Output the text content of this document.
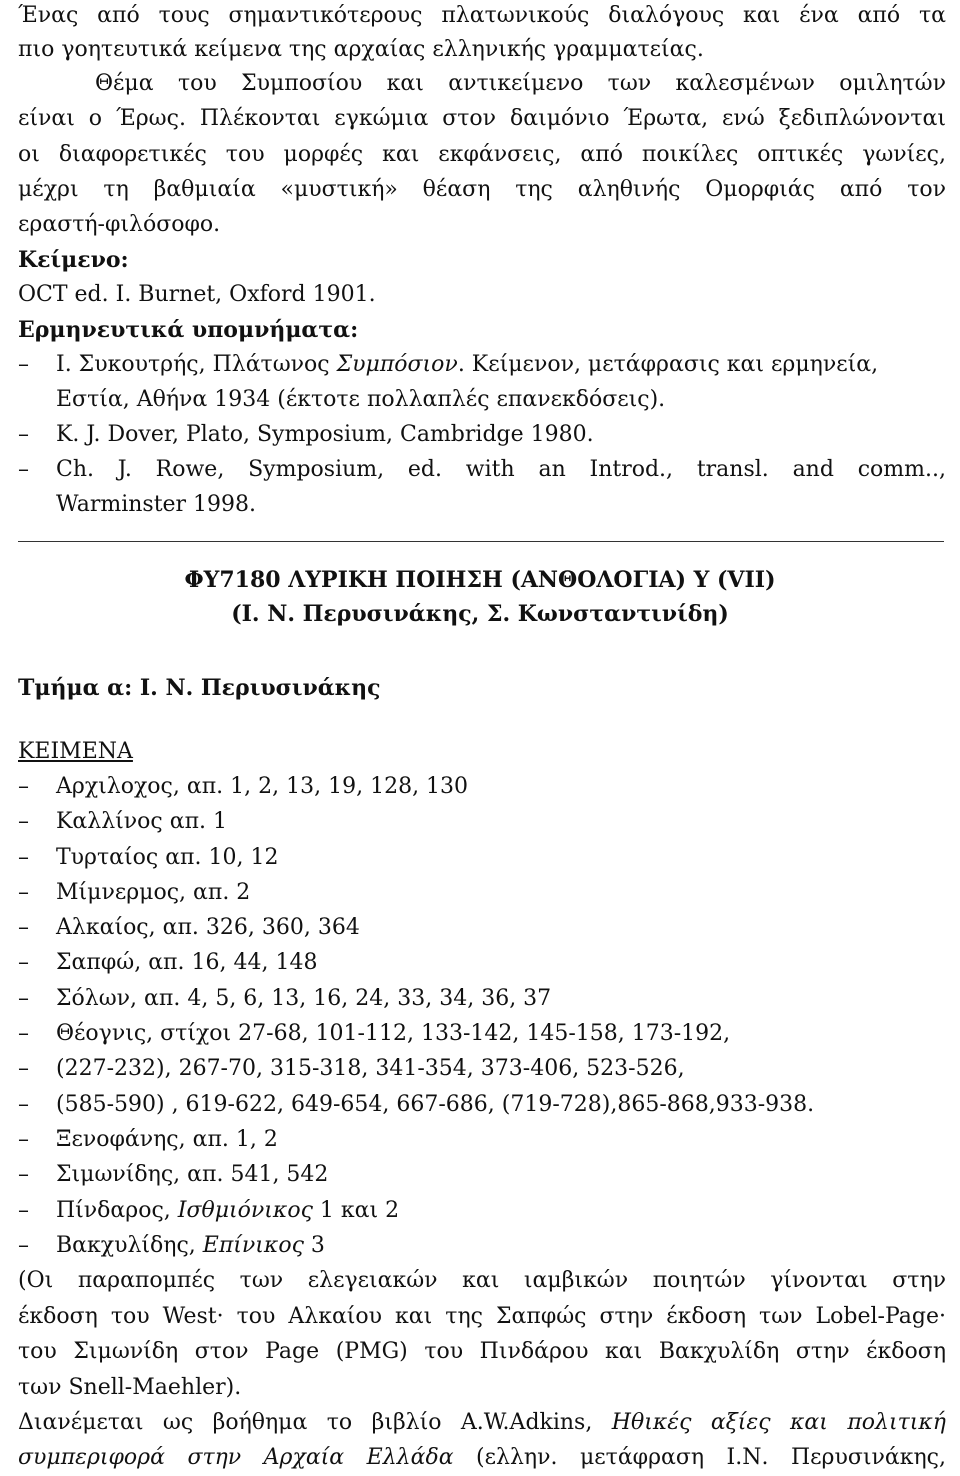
Ένας από τους σημαντικότερους πλατωνικούς διαλόγους και ένα από τα
πιο γοητευτικά κείμενα της αρχαίας ελληνικής γραμματείας.
Θέμα του Συμποσίου και αντικείμενο των καλεσμένων ομιλητών
είναι ο Έρως. Πλέκονται εγκώμια στον δαιμόνιο Έρωτα, ενώ ξεδιπλώνονται
οι διαφορετικές του μορφές και εκφάνσεις, από ποικίλες οπτικές γωνίες,
μέχρι τη βαθμιαία «μυστική» θέαση της αληθινής Ομορφιάς από τον
εραστή-φιλόσοφο.
Κείμενο:
OCT ed. I. Burnet, Oxford 1901.
Ερμηνευτικά υπομνήματα:
– Ι. Συκουτρής, Πλάτωνος Συμπόσιον. Κείμενον, μετάφρασις και ερμηνεία,
Εστία, Αθήνα 1934 (έκτοτε πολλαπλές επανεκδόσεις).
– K. J. Dover, Plato, Symposium, Cambridge 1980.
– Ch. J. Rowe, Symposium, ed. with an Introd., transl. and comm..,
Warminster 1998.
ΦΥ7180 ΛΥΡΙΚΗ ΠΟΙΗΣΗ (ΑΝΘΟΛΟΓΙΑ) Υ (VII)
(Ι. Ν. Περυσινάκης, Σ. Κωνσταντινίδη)
Τμήμα α: Ι. Ν. Περιυσινάκης
ΚΕΙΜΕΝΑ
– Αρχιλοχος, απ. 1, 2, 13, 19, 128, 130
– Καλλίνος απ. 1
– Τυρταίος απ. 10, 12
– Μίμνερμος, απ. 2
– Αλκαίος, απ. 326, 360, 364
– Σαπφώ, απ. 16, 44, 148
– Σόλων, απ. 4, 5, 6, 13, 16, 24, 33, 34, 36, 37
– Θέογνις, στίχοι 27-68, 101-112, 133-142, 145-158, 173-192,
– (227-232), 267-70, 315-318, 341-354, 373-406, 523-526,
– (585-590) , 619-622, 649-654, 667-686, (719-728),865-868,933-938.
– Ξενοφάνης, απ. 1, 2
– Σιμωνίδης, απ. 541, 542
– Πίνδαρος, Ισθμιόνικος 1 και 2
– Βακχυλίδης, Επίνικος 3
(Οι παραπομπές των ελεγειακών και ιαμβικών ποιητών γίνονται στην
έκδοση του West· του Αλκαίου και της Σαπφώς στην έκδοση των Lobel-Page·
του Σιμωνίδη στον Page (PMG) του Πινδάρου και Βακχυλίδη στην έκδοση
των Snell-Maehler).
Διανέμεται ως βοήθημα το βιβλίο A.W.Adkins, Ηθικές αξίες και πολιτική
συμπεριφορά στην Αρχαία Ελλάδα (ελλην. μετάφραση Ι.Ν. Περυσινάκης,
